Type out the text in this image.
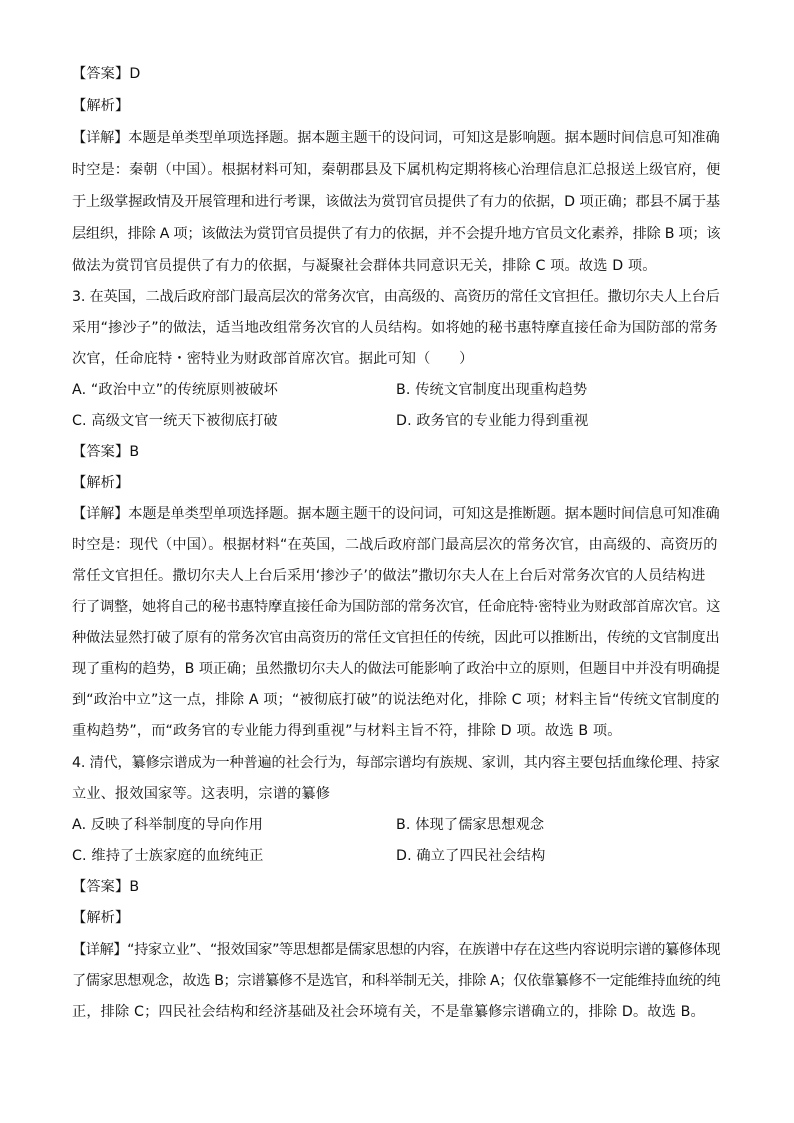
【答案】D
【解析】
【详解】本题是单类型单项选择题。据本题主题干的设问词，可知这是影响题。据本题时间信息可知准确
时空是：秦朝（中国）。根据材料可知，秦朝郡县及下属机构定期将核心治理信息汇总报送上级官府，便
于上级掌握政情及开展管理和进行考课，该做法为赏罚官员提供了有力的依据，D 项正确；郡县不属于基
层组织，排除 A 项；该做法为赏罚官员提供了有力的依据，并不会提升地方官员文化素养，排除 B 项；该
做法为赏罚官员提供了有力的依据，与凝聚社会群体共同意识无关，排除 C 项。故选 D 项。
3. 在英国，二战后政府部门最高层次的常务次官，由高级的、高资历的常任文官担任。撒切尔夫人上台后
采用“掺沙子”的做法，适当地改组常务次官的人员结构。如将她的秘书惠特摩直接任命为国防部的常务
次官，任命庇特・密特业为财政部首席次官。据此可知（　　）
A. “政治中立”的传统原则被破坏	B. 传统文官制度出现重构趋势
C. 高级文官一统天下被彻底打破	D. 政务官的专业能力得到重视
【答案】B
【解析】
【详解】本题是单类型单项选择题。据本题主题干的设问词，可知这是推断题。据本题时间信息可知准确
时空是：现代（中国）。根据材料“在英国，二战后政府部门最高层次的常务次官，由高级的、高资历的
常任文官担任。撒切尔夫人上台后采用‘掺沙子’的做法”撒切尔夫人在上台后对常务次官的人员结构进
行了调整，她将自己的秘书惠特摩直接任命为国防部的常务次官，任命庇特·密特业为财政部首席次官。这
种做法显然打破了原有的常务次官由高资历的常任文官担任的传统，因此可以推断出，传统的文官制度出
现了重构的趋势，B 项正确；虽然撒切尔夫人的做法可能影响了政治中立的原则，但题目中并没有明确提
到“政治中立”这一点，排除 A 项；“被彻底打破”的说法绝对化，排除 C 项；材料主旨“传统文官制度的
重构趋势”，而“政务官的专业能力得到重视”与材料主旨不符，排除 D 项。故选 B 项。
4. 清代，纂修宗谱成为一种普遍的社会行为，每部宗谱均有族规、家训，其内容主要包括血缘伦理、持家
立业、报效国家等。这表明，宗谱的纂修
A. 反映了科举制度的导向作用	B. 体现了儒家思想观念
C. 维持了士族家庭的血统纯正	D. 确立了四民社会结构
【答案】B
【解析】
【详解】“持家立业”、“报效国家”等思想都是儒家思想的内容，在族谱中存在这些内容说明宗谱的纂修体现
了儒家思想观念，故选 B；宗谱纂修不是选官，和科举制无关，排除 A；仅依靠纂修不一定能维持血统的纯
正，排除 C；四民社会结构和经济基础及社会环境有关，不是靠纂修宗谱确立的，排除 D。故选 B。
